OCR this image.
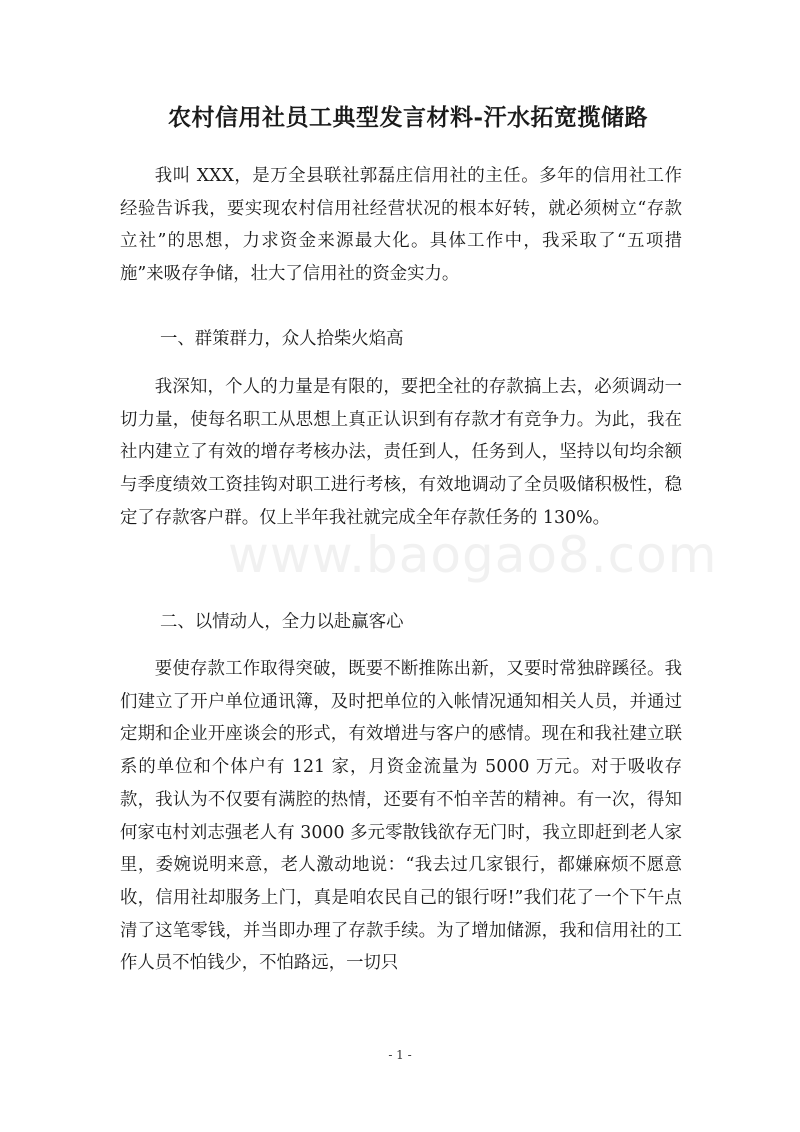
www.baogao8.com
农村信用社员工典型发言材料-汗水拓宽揽储路

我叫 XXX，是万全县联社郭磊庄信用社的主任。多年的信用社工作经验告诉我，要实现农村信用社经营状况的根本好转，就必须树立“存款立社”的思想，力求资金来源最大化。具体工作中，我采取了“五项措施”来吸存争储，壮大了信用社的资金实力。

一、群策群力，众人拾柴火焰高

我深知，个人的力量是有限的，要把全社的存款搞上去，必须调动一切力量，使每名职工从思想上真正认识到有存款才有竞争力。为此，我在社内建立了有效的增存考核办法，责任到人，任务到人，坚持以旬均余额与季度绩效工资挂钩对职工进行考核，有效地调动了全员吸储积极性，稳定了存款客户群。仅上半年我社就完成全年存款任务的 130%。

二、以情动人，全力以赴赢客心

要使存款工作取得突破，既要不断推陈出新，又要时常独辟蹊径。我们建立了开户单位通讯簿，及时把单位的入帐情况通知相关人员，并通过定期和企业开座谈会的形式，有效增进与客户的感情。现在和我社建立联系的单位和个体户有 121 家，月资金流量为 5000 万元。对于吸收存款，我认为不仅要有满腔的热情，还要有不怕辛苦的精神。有一次，得知何家屯村刘志强老人有 3000 多元零散钱欲存无门时，我立即赶到老人家里，委婉说明来意，老人激动地说：“我去过几家银行，都嫌麻烦不愿意收，信用社却服务上门，真是咱农民自己的银行呀!”我们花了一个下午点清了这笔零钱，并当即办理了存款手续。为了增加储源，我和信用社的工作人员不怕钱少，不怕路远，一切只

- 1 -
